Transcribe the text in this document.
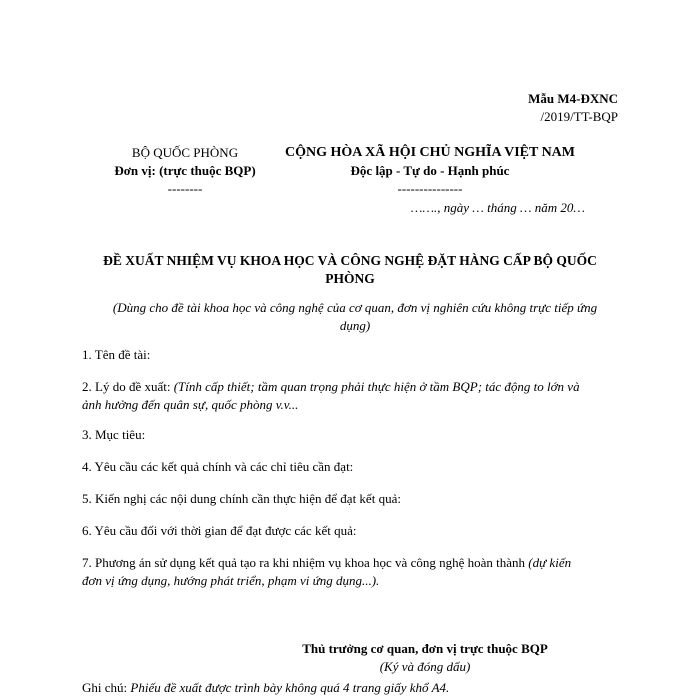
Mẫu M4-ĐXNC
/2019/TT-BQP
BỘ QUỐC PHÒNG
Đơn vị: (trực thuộc BQP)
--------
CỘNG HÒA XÃ HỘI CHỦ NGHĨA VIỆT NAM
Độc lập - Tự do - Hạnh phúc
---------------
……., ngày … tháng … năm 20…
ĐỀ XUẤT NHIỆM VỤ KHOA HỌC VÀ CÔNG NGHỆ ĐẶT HÀNG CẤP BỘ QUỐC
PHÒNG
(Dùng cho đề tài khoa học và công nghệ của cơ quan, đơn vị nghiên cứu không trực tiếp ứng
dụng)
1. Tên đề tài:
2. Lý do đề xuất: (Tính cấp thiết; tầm quan trọng phải thực hiện ở tầm BQP; tác động to lớn và
ảnh hưởng đến quân sự, quốc phòng v.v...
3. Mục tiêu:
4. Yêu cầu các kết quả chính và các chỉ tiêu cần đạt:
5. Kiến nghị các nội dung chính cần thực hiện để đạt kết quả:
6. Yêu cầu đối với thời gian để đạt được các kết quả:
7. Phương án sử dụng kết quả tạo ra khi nhiệm vụ khoa học và công nghệ hoàn thành (dự kiến
đơn vị ứng dụng, hướng phát triển, phạm vi ứng dụng...).
Thủ trưởng cơ quan, đơn vị trực thuộc BQP
(Ký và đóng dấu)
Ghi chú: Phiếu đề xuất được trình bày không quá 4 trang giấy khổ A4.
